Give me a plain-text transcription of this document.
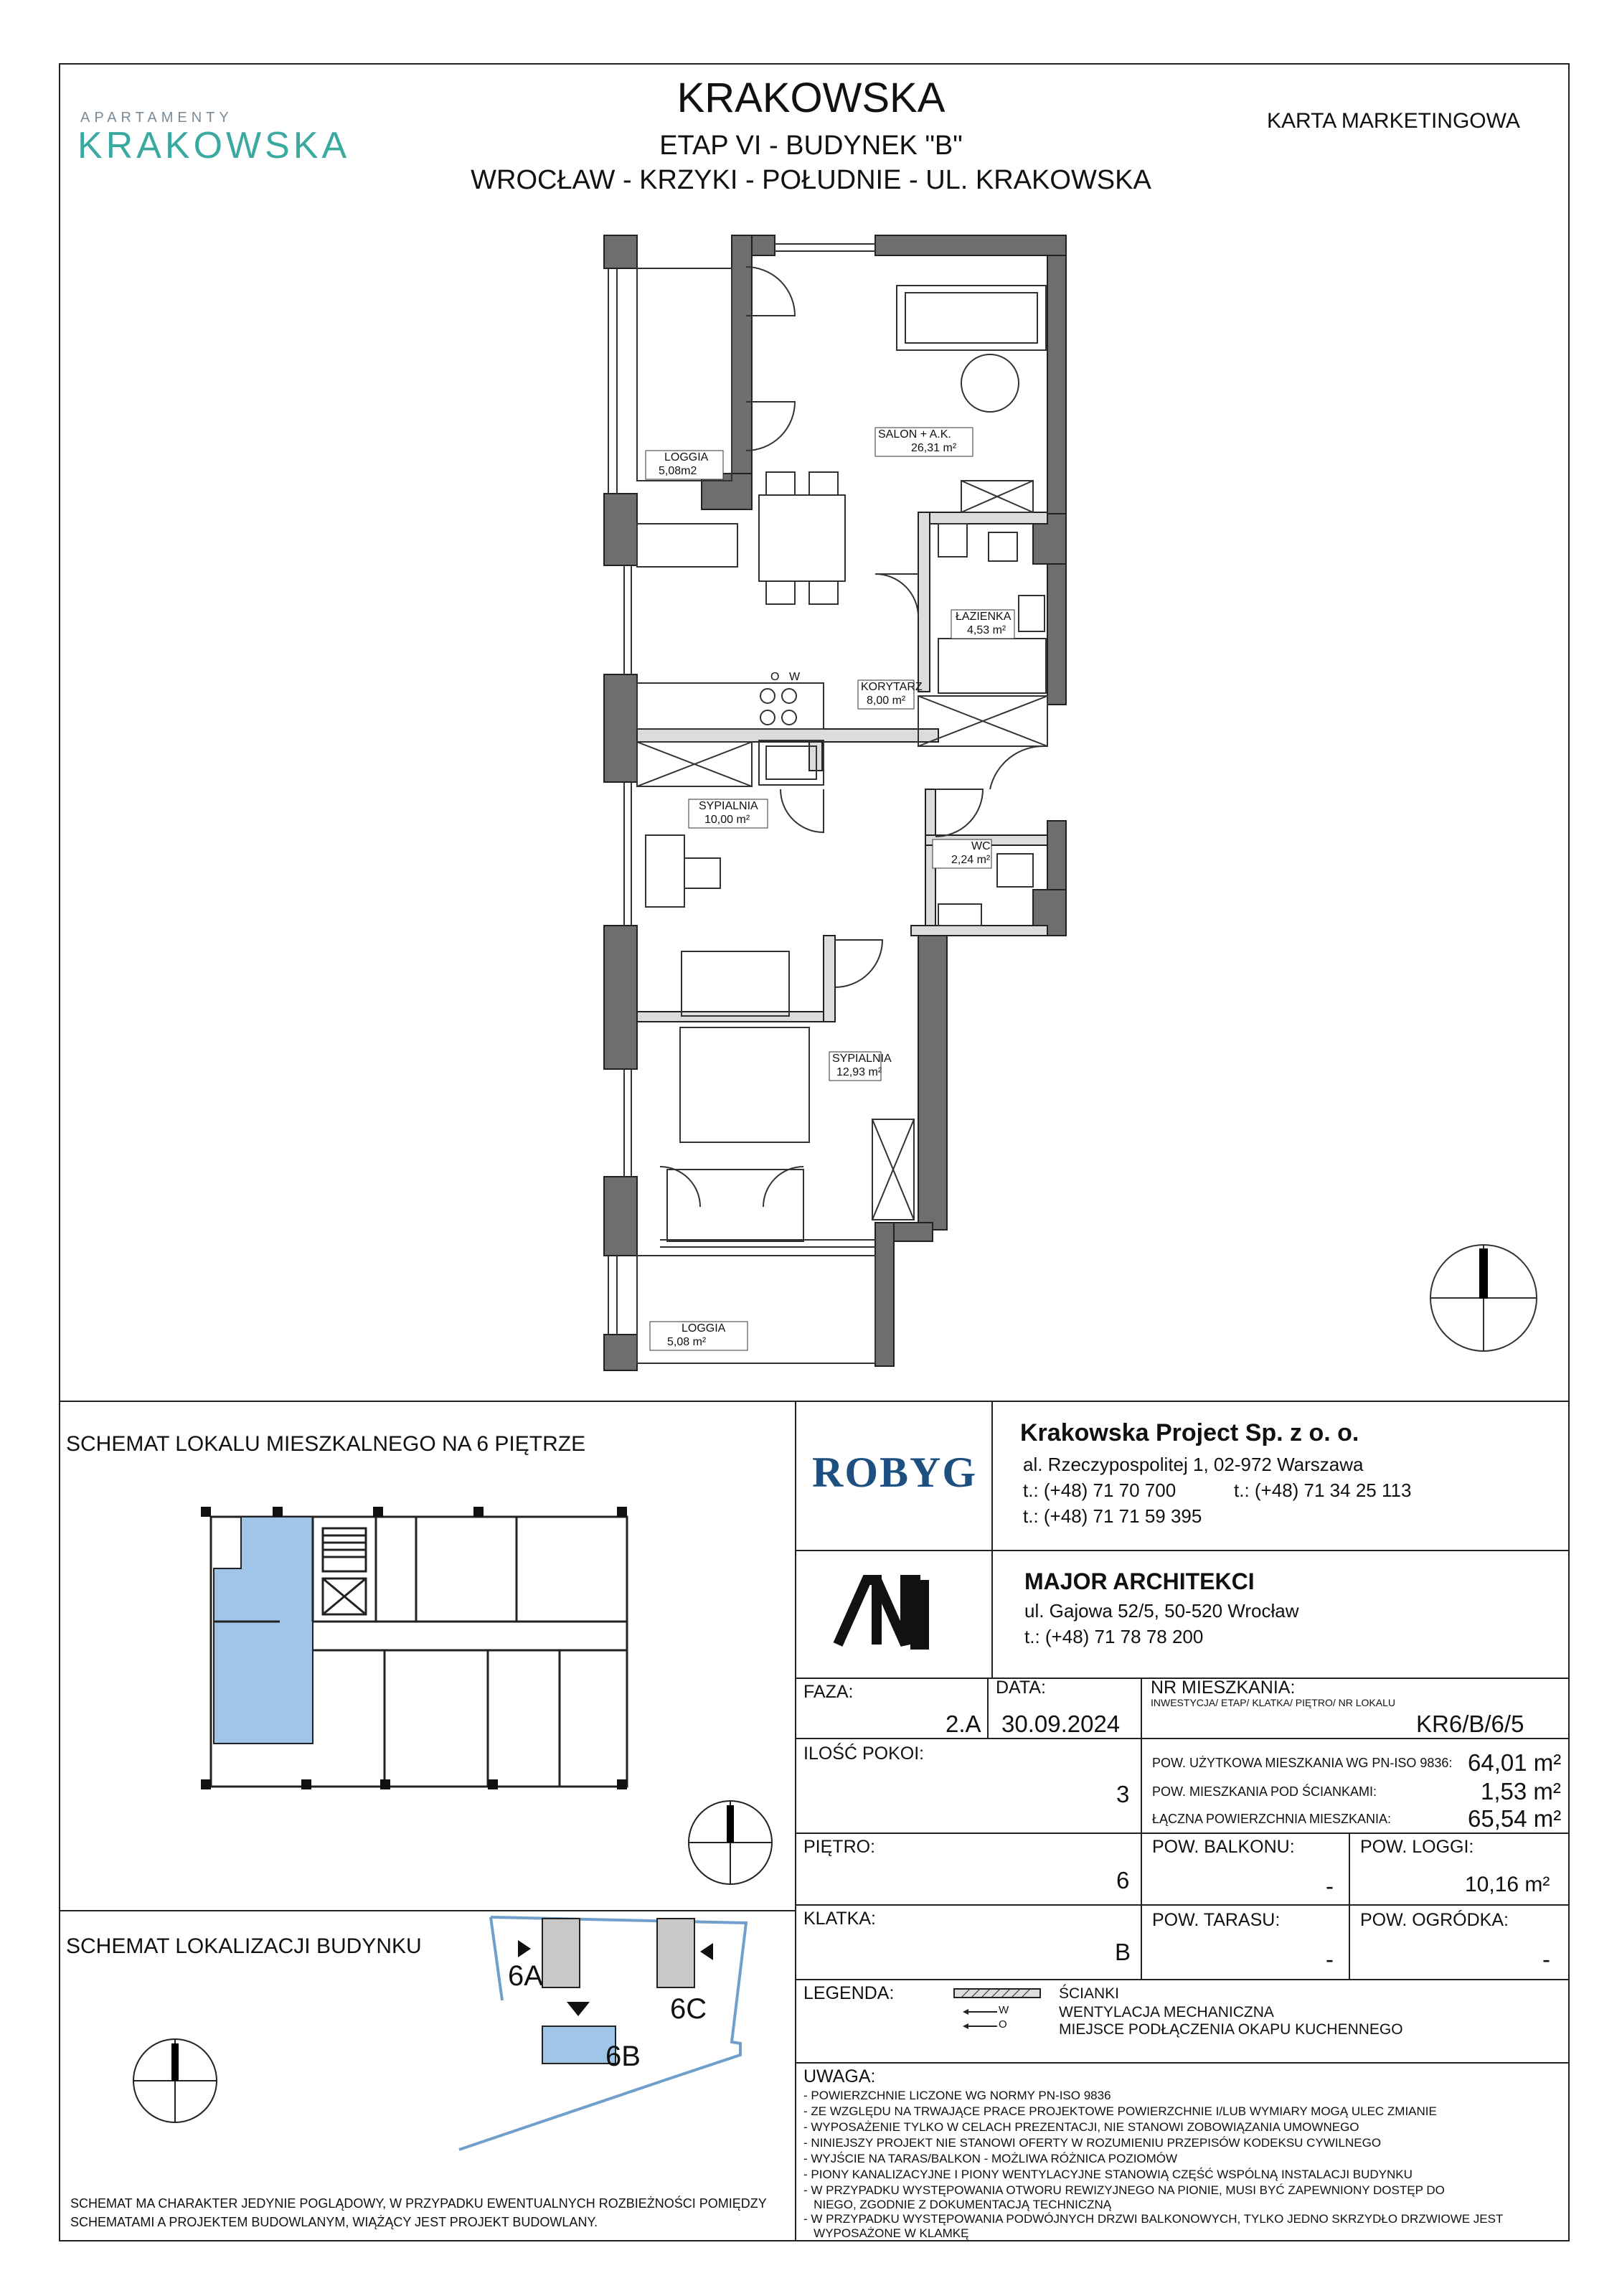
APARTAMENTY
KRAKOWSKA
KRAKOWSKA
ETAP VI - BUDYNEK "B"
WROCŁAW - KRZYKI - POŁUDNIE - UL. KRAKOWSKA
KARTA MARKETINGOWA
LOGGIA
5,08m2
SALON + A.K.
26,31 m²
ŁAZIENKA
4,53 m²
KORYTARZ
8,00 m²
SYPIALNIA
10,00 m²
WC
2,24 m²
SYPIALNIA
12,93 m²
LOGGIA
5,08 m²
W
O
SCHEMAT LOKALU MIESZKALNEGO NA 6 PIĘTRZE
SCHEMAT LOKALIZACJI BUDYNKU
6A
6B
6C
SCHEMAT MA CHARAKTER JEDYNIE POGLĄDOWY, W PRZYPADKU EWENTUALNYCH ROZBIEŻNOŚCI POMIĘDZY SCHEMATAMI A PROJEKTEM BUDOWLANYM, WIĄŻĄCY JEST PROJEKT BUDOWLANY.
ROBYG
Krakowska Project Sp. z o. o.
al. Rzeczypospolitej 1, 02-972 Warszawa
t.: (+48) 71 70 700	t.: (+48) 71 34 25 113
t.: (+48) 71 71 59 395
MAJOR ARCHITEKCI
ul. Gajowa 52/5, 50-520 Wrocław
t.: (+48) 71 78 78 200
FAZA:
2.A
DATA:
30.09.2024
NR MIESZKANIA:
INWESTYCJA/ ETAP/ KLATKA/ PIĘTRO/ NR LOKALU
KR6/B/6/5
ILOŚĆ POKOI:
3
POW. UŻYTKOWA MIESZKANIA WG PN-ISO 9836: 64,01 m²
POW. MIESZKANIA POD ŚCIANKAMI:	1,53 m²
ŁĄCZNA POWIERZCHNIA MIESZKANIA:	65,54 m²
PIĘTRO:
6
POW. BALKONU:
-
POW. LOGGI:
10,16 m²
KLATKA:
B
POW. TARASU:
-
POW. OGRÓDKA:
-
LEGENDA:
W
O
ŚCIANKI
WENTYLACJA MECHANICZNA
MIEJSCE PODŁĄCZENIA OKAPU KUCHENNEGO
UWAGA:
- POWIERZCHNIE LICZONE WG NORMY PN-ISO 9836
- ZE WZGLĘDU NA TRWAJĄCE PRACE PROJEKTOWE POWIERZCHNIE I/LUB WYMIARY MOGĄ ULEC ZMIANIE
- WYPOSAŻENIE TYLKO W CELACH PREZENTACJI, NIE STANOWI ZOBOWIĄZANIA UMOWNEGO
- NINIEJSZY PROJEKT NIE STANOWI OFERTY W ROZUMIENIU PRZEPISÓW KODEKSU CYWILNEGO
- WYJŚCIE NA TARAS/BALKON - MOŻLIWA RÓŻNICA POZIOMÓW
- PIONY KANALIZACYJNE I PIONY WENTYLACYJNE STANOWIĄ CZĘŚĆ WSPÓLNĄ INSTALACJI BUDYNKU
- W PRZYPADKU WYSTĘPOWANIA OTWORU REWIZYJNEGO NA PIONIE, MUSI BYĆ ZAPEWNIONY DOSTĘP DO
NIEGO, ZGODNIE Z DOKUMENTACJĄ TECHNICZNĄ
- W PRZYPADKU WYSTĘPOWANIA PODWÓJNYCH DRZWI BALKONOWYCH, TYLKO JEDNO SKRZYDŁO DRZWIOWE JEST
WYPOSAŻONE W KLAMKĘ
